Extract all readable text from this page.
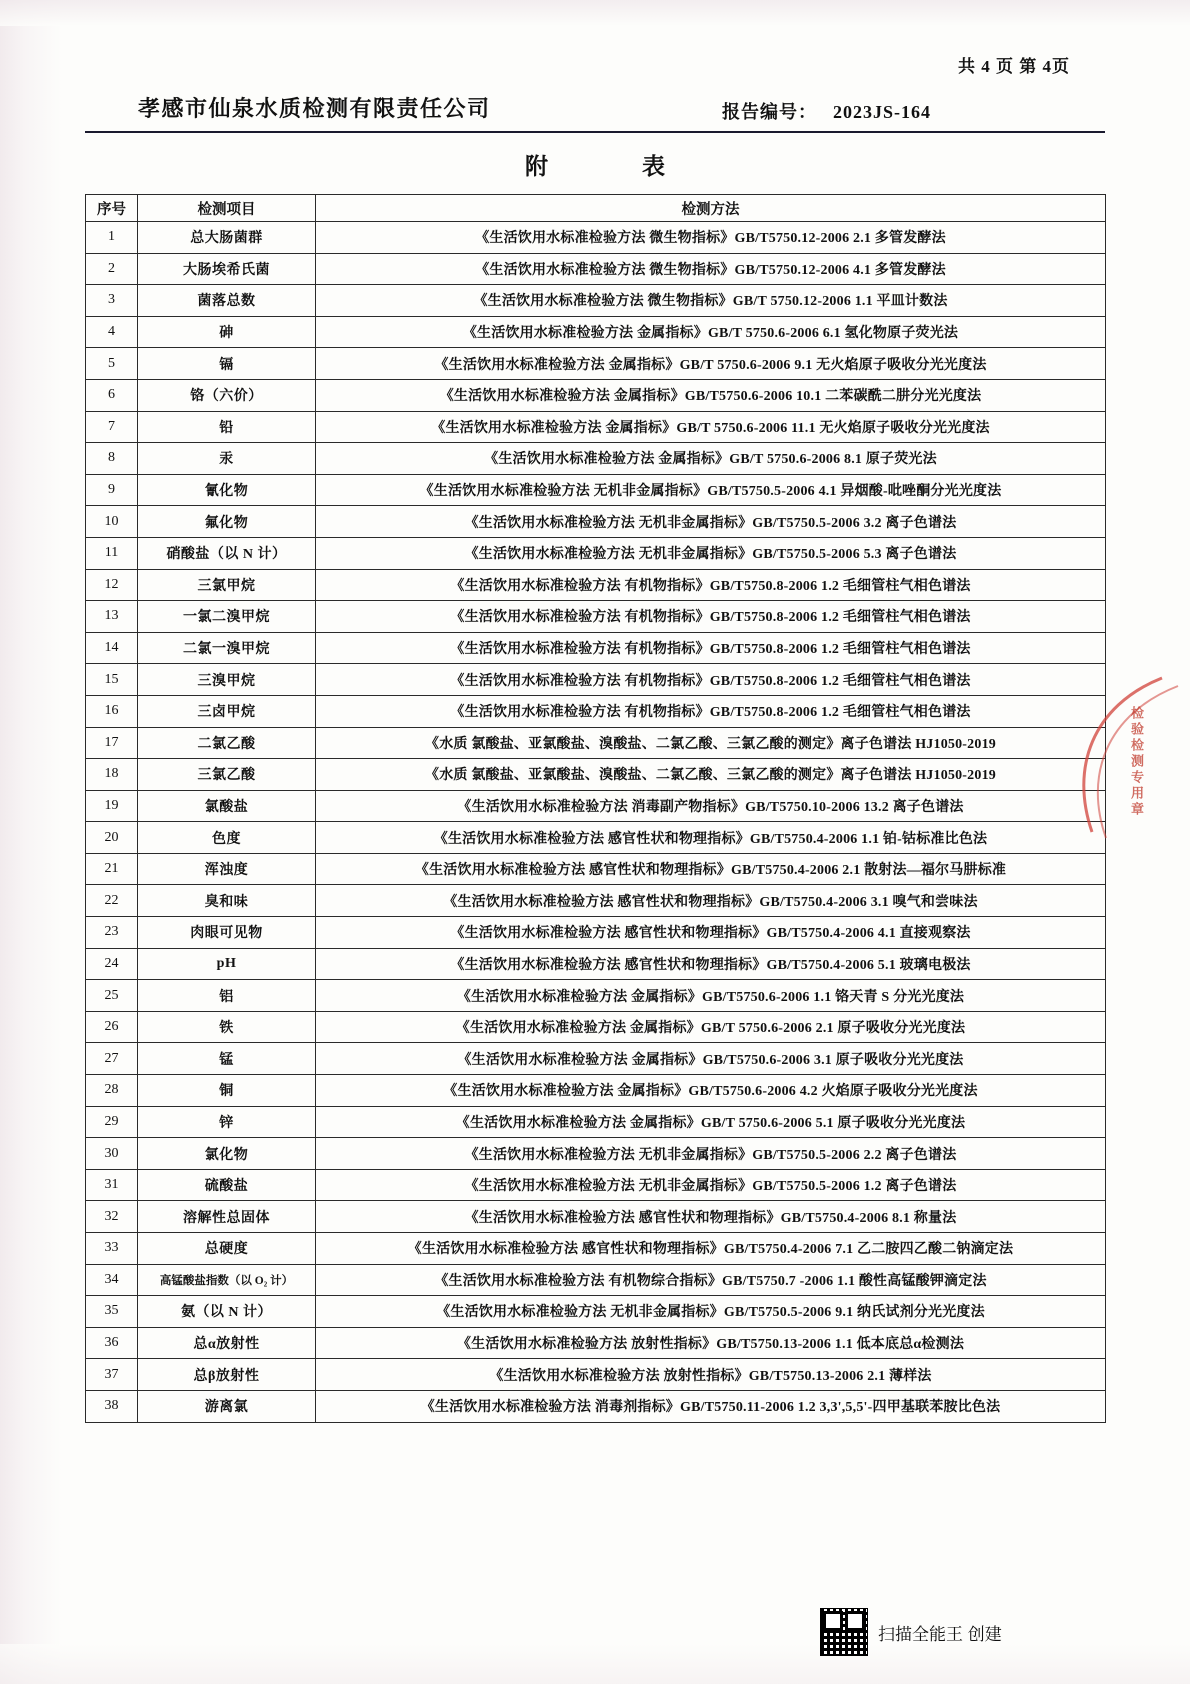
共 4 页 第 4页
孝感市仙泉水质检测有限责任公司	报告编号： 2023JS-164
附　　表
序号	检测项目	检测方法
1	总大肠菌群	《生活饮用水标准检验方法 微生物指标》GB/T5750.12-2006 2.1 多管发酵法
2	大肠埃希氏菌	《生活饮用水标准检验方法 微生物指标》GB/T5750.12-2006 4.1 多管发酵法
3	菌落总数	《生活饮用水标准检验方法 微生物指标》GB/T 5750.12-2006 1.1 平皿计数法
4	砷	《生活饮用水标准检验方法 金属指标》GB/T 5750.6-2006 6.1 氢化物原子荧光法
5	镉	《生活饮用水标准检验方法 金属指标》GB/T 5750.6-2006 9.1 无火焰原子吸收分光光度法
6	铬（六价）	《生活饮用水标准检验方法 金属指标》GB/T5750.6-2006 10.1 二苯碳酰二肼分光光度法
7	铅	《生活饮用水标准检验方法 金属指标》GB/T 5750.6-2006 11.1 无火焰原子吸收分光光度法
8	汞	《生活饮用水标准检验方法 金属指标》GB/T 5750.6-2006 8.1 原子荧光法
9	氰化物	《生活饮用水标准检验方法 无机非金属指标》GB/T5750.5-2006 4.1 异烟酸-吡唑酮分光光度法
10	氟化物	《生活饮用水标准检验方法 无机非金属指标》GB/T5750.5-2006 3.2 离子色谱法
11	硝酸盐（以 N 计）	《生活饮用水标准检验方法 无机非金属指标》GB/T5750.5-2006 5.3 离子色谱法
12	三氯甲烷	《生活饮用水标准检验方法 有机物指标》GB/T5750.8-2006 1.2 毛细管柱气相色谱法
13	一氯二溴甲烷	《生活饮用水标准检验方法 有机物指标》GB/T5750.8-2006 1.2 毛细管柱气相色谱法
14	二氯一溴甲烷	《生活饮用水标准检验方法 有机物指标》GB/T5750.8-2006 1.2 毛细管柱气相色谱法
15	三溴甲烷	《生活饮用水标准检验方法 有机物指标》GB/T5750.8-2006 1.2 毛细管柱气相色谱法
16	三卤甲烷	《生活饮用水标准检验方法 有机物指标》GB/T5750.8-2006 1.2 毛细管柱气相色谱法
17	二氯乙酸	《水质 氯酸盐、亚氯酸盐、溴酸盐、二氯乙酸、三氯乙酸的测定》离子色谱法 HJ1050-2019
18	三氯乙酸	《水质 氯酸盐、亚氯酸盐、溴酸盐、二氯乙酸、三氯乙酸的测定》离子色谱法 HJ1050-2019
19	氯酸盐	《生活饮用水标准检验方法 消毒副产物指标》GB/T5750.10-2006 13.2 离子色谱法
20	色度	《生活饮用水标准检验方法 感官性状和物理指标》GB/T5750.4-2006 1.1 铂-钴标准比色法
21	浑浊度	《生活饮用水标准检验方法 感官性状和物理指标》GB/T5750.4-2006 2.1 散射法—福尔马肼标准
22	臭和味	《生活饮用水标准检验方法 感官性状和物理指标》GB/T5750.4-2006 3.1 嗅气和尝味法
23	肉眼可见物	《生活饮用水标准检验方法 感官性状和物理指标》GB/T5750.4-2006 4.1 直接观察法
24	pH	《生活饮用水标准检验方法 感官性状和物理指标》GB/T5750.4-2006 5.1 玻璃电极法
25	铝	《生活饮用水标准检验方法 金属指标》GB/T5750.6-2006 1.1 铬天青 S 分光光度法
26	铁	《生活饮用水标准检验方法 金属指标》GB/T 5750.6-2006 2.1 原子吸收分光光度法
27	锰	《生活饮用水标准检验方法 金属指标》GB/T5750.6-2006 3.1 原子吸收分光光度法
28	铜	《生活饮用水标准检验方法 金属指标》GB/T5750.6-2006 4.2 火焰原子吸收分光光度法
29	锌	《生活饮用水标准检验方法 金属指标》GB/T 5750.6-2006 5.1 原子吸收分光光度法
30	氯化物	《生活饮用水标准检验方法 无机非金属指标》GB/T5750.5-2006 2.2 离子色谱法
31	硫酸盐	《生活饮用水标准检验方法 无机非金属指标》GB/T5750.5-2006 1.2 离子色谱法
32	溶解性总固体	《生活饮用水标准检验方法 感官性状和物理指标》GB/T5750.4-2006 8.1 称量法
33	总硬度	《生活饮用水标准检验方法 感官性状和物理指标》GB/T5750.4-2006 7.1 乙二胺四乙酸二钠滴定法
34	高锰酸盐指数（以 O₂ 计）	《生活饮用水标准检验方法 有机物综合指标》GB/T5750.7 -2006 1.1 酸性高锰酸钾滴定法
35	氨（以 N 计）	《生活饮用水标准检验方法 无机非金属指标》GB/T5750.5-2006 9.1 纳氏试剂分光光度法
36	总α放射性	《生活饮用水标准检验方法 放射性指标》GB/T5750.13-2006 1.1 低本底总α检测法
37	总β放射性	《生活饮用水标准检验方法 放射性指标》GB/T5750.13-2006 2.1 薄样法
38	游离氯	《生活饮用水标准检验方法 消毒剂指标》GB/T5750.11-2006 1.2 3,3',5,5'-四甲基联苯胺比色法
检验检测专用章
扫描全能王 创建
